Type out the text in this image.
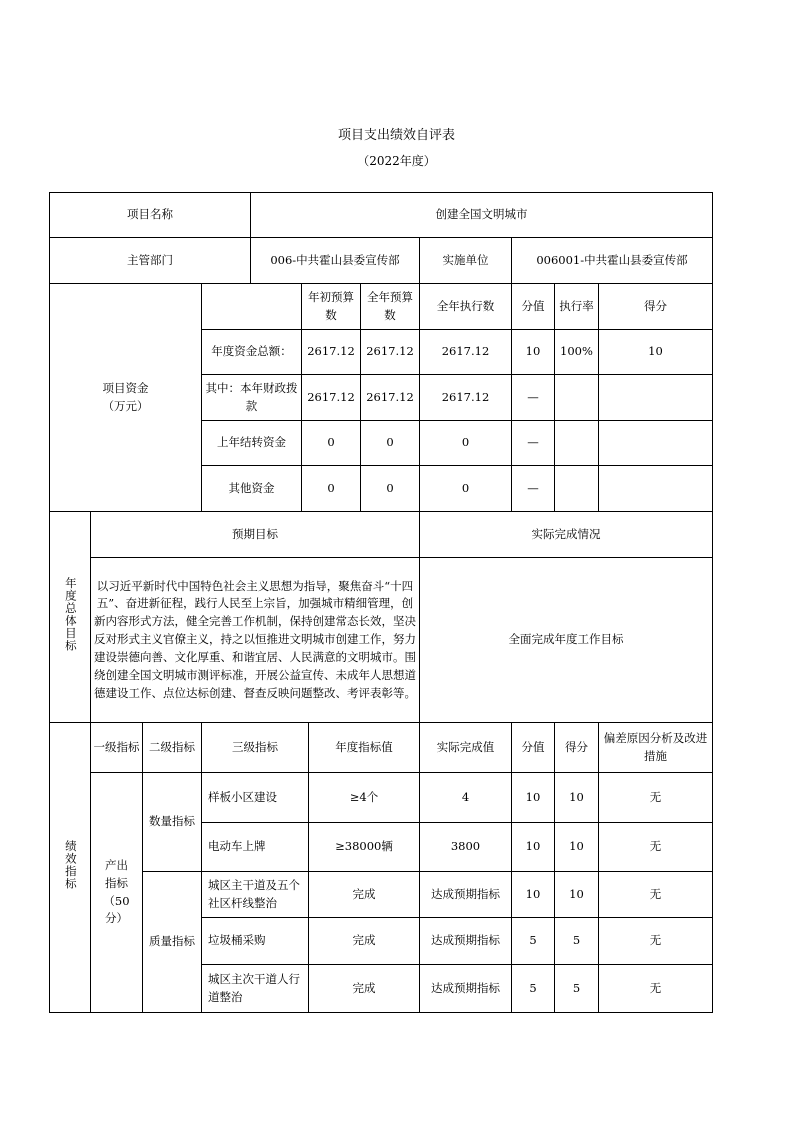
项目支出绩效自评表
（2022年度）
项目名称				创建全国文明城市							
主管部门				006-中共霍山县委宣传部				实施单位	006001-中共霍山县委宣传部		
项目资金
（万元）					年初预算数		全年预算数	全年执行数	分值	执行率	得分
			年度资金总额：		2617.12		2617.12	2617.12	10	100%	10
			其中：本年财政拨款		2617.12		2617.12	2617.12	—		
			上年结转资金		0		0	0	—		
			其他资金		0		0	0	—		
年度总体目标	预期目标							实际完成情况			
	以习近平新时代中国特色社会主义思想为指导，聚焦奋斗“十四五”、奋进新征程，践行人民至上宗旨，加强城市精细管理，创新内容形式方法，健全完善工作机制，保持创建常态长效，坚决反对形式主义官僚主义，持之以恒推进文明城市创建工作，努力建设崇德向善、文化厚重、和谐宜居、人民满意的文明城市。围绕创建全国文明城市测评标准，开展公益宣传、未成年人思想道德建设工作、点位达标创建、督查反映问题整改、考评表彰等。							全面完成年度工作目标			
绩效指标	一级指标	二级指标	三级指标			年度指标值		实际完成值	分值	得分	偏差原因分析及改进措施
	产出指标（50分）	数量指标	样板小区建设			≥4个		4	10	10	无
			电动车上牌			≥38000辆		3800	10	10	无
		质量指标	城区主干道及五个社区杆线整治			完成		达成预期指标	10	10	无
			垃圾桶采购			完成		达成预期指标	5	5	无
			城区主次干道人行道整治			完成		达成预期指标	5	5	无
